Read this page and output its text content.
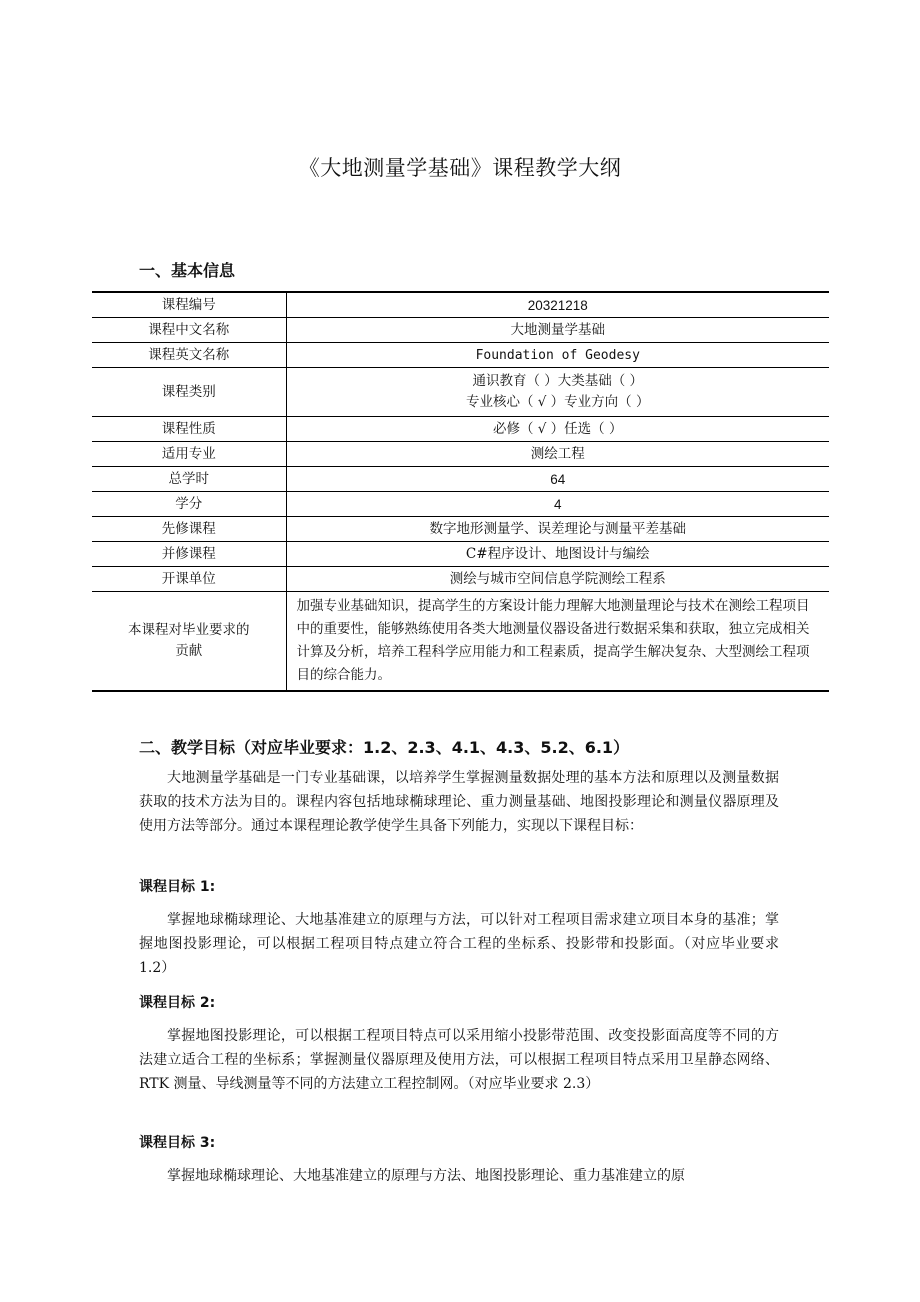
《大地测量学基础》课程教学大纲
一、基本信息
课程编号	20321218
课程中文名称	大地测量学基础
课程英文名称	Foundation of Geodesy
课程类别	通识教育（ ）大类基础（ ）
专业核心（ √ ）专业方向（ ）

课程性质	必修（ √ ）任选（ ）
适用专业	测绘工程
总学时	64
学分	4
先修课程	数字地形测量学、误差理论与测量平差基础
并修课程	C#程序设计、地图设计与编绘
开课单位	测绘与城市空间信息学院测绘工程系

本课程对毕业要求的
贡献	加强专业基础知识，提高学生的方案设计能力理解大地测量理论与技术在测绘工程项目中的重要性，能够熟练使用各类大地测量仪器设备进行数据采集和获取，独立完成相关计算及分析，培养工程科学应用能力和工程素质，提高学生解决复杂、大型测绘工程项目的综合能力。
二、教学目标（对应毕业要求：1.2、2.3、4.1、4.3、5.2、6.1）
大地测量学基础是一门专业基础课，以培养学生掌握测量数据处理的基本方法和原理以及测量数据获取的技术方法为目的。课程内容包括地球椭球理论、重力测量基础、地图投影理论和测量仪器原理及使用方法等部分。通过本课程理论教学使学生具备下列能力，实现以下课程目标：
课程目标 1:
掌握地球椭球理论、大地基准建立的原理与方法，可以针对工程项目需求建立项目本身的基准；掌握地图投影理论，可以根据工程项目特点建立符合工程的坐标系、投影带和投影面。（对应毕业要求 1.2）
课程目标 2:
掌握地图投影理论，可以根据工程项目特点可以采用缩小投影带范围、改变投影面高度等不同的方法建立适合工程的坐标系；掌握测量仪器原理及使用方法，可以根据工程项目特点采用卫星静态网络、RTK 测量、导线测量等不同的方法建立工程控制网。（对应毕业要求 2.3）
课程目标 3:
掌握地球椭球理论、大地基准建立的原理与方法、地图投影理论、重力基准建立的原
